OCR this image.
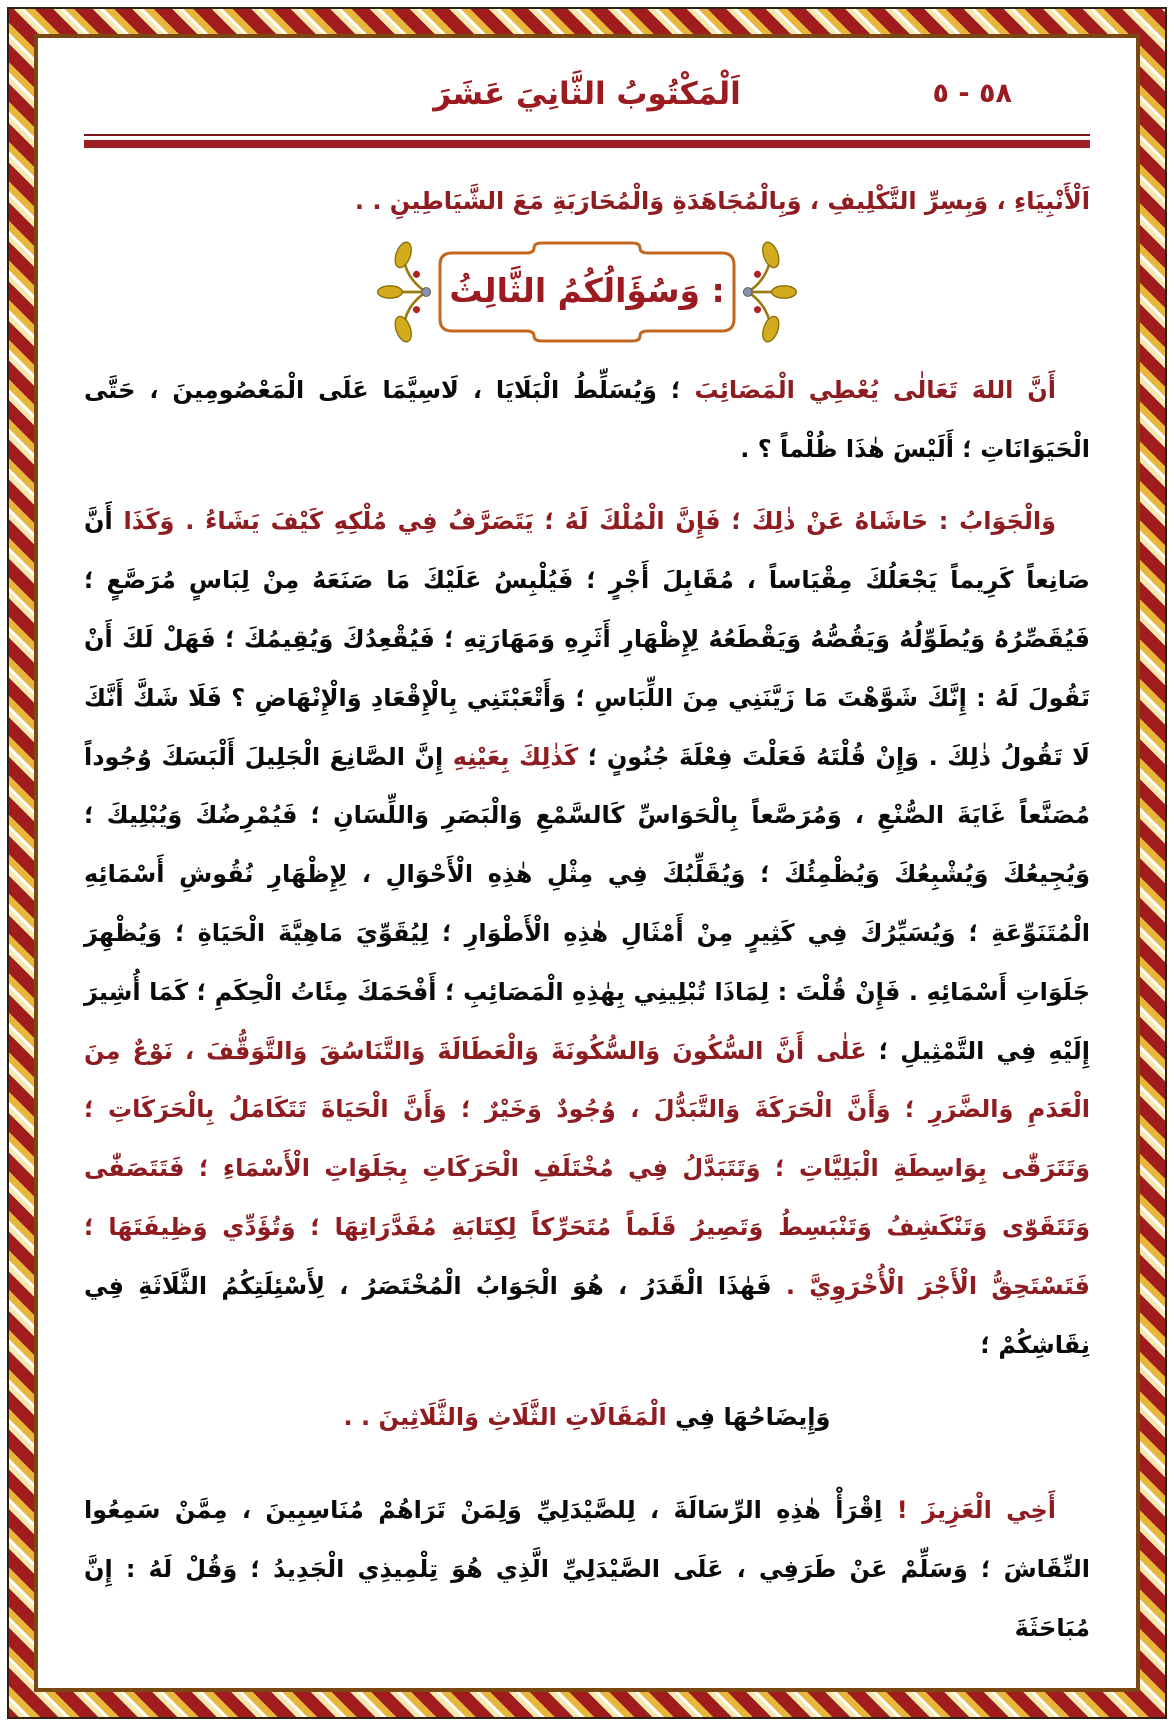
٥٨ - ٥
اَلْمَكْتُوبُ الثَّانِيَ عَشَرَ

اَلْأَنْبِيَاءِ ، وَبِسِرِّ التَّكْلِيفِ ، وَبِالْمُجَاهَدَةِ وَالْمُحَارَبَةِ مَعَ الشَّيَاطِينِ . .

وَسُؤَالُكُمُ الثَّالِثُ :

أَنَّ اللهَ تَعَالٰى يُعْطِي الْمَصَائِبَ ؛ وَيُسَلِّطُ الْبَلَايَا ، لَاسِيَّمَا عَلَى الْمَعْصُومِينَ ، حَتَّى الْحَيَوَانَاتِ ؛ أَلَيْسَ هٰذَا ظُلْماً ؟ .

وَالْجَوَابُ : حَاشَاهُ عَنْ ذٰلِكَ ؛ فَإِنَّ الْمُلْكَ لَهُ ؛ يَتَصَرَّفُ فِي مُلْكِهِ كَيْفَ يَشَاءُ . وَكَذَا أَنَّ صَانِعاً كَرِيماً يَجْعَلُكَ مِقْيَاساً ، مُقَابِلَ أَجْرٍ ؛ فَيُلْبِسُ عَلَيْكَ مَا صَنَعَهُ مِنْ لِبَاسٍ مُرَصَّعٍ ؛ فَيُقَصِّرُهُ وَيُطَوِّلُهُ وَيَقُصُّهُ وَيَقْطَعُهُ لِإِظْهَارِ أَثَرِهِ وَمَهَارَتِهِ ؛ فَيُقْعِدُكَ وَيُقِيمُكَ ؛ فَهَلْ لَكَ أَنْ تَقُولَ لَهُ : إِنَّكَ شَوَّهْتَ مَا زَيَّنَنِي مِنَ اللِّبَاسِ ؛ وَأَتْعَبْتَنِي بِالْإِقْعَادِ وَالْإِنْهَاضِ ؟ فَلَا شَكَّ أَنَّكَ لَا تَقُولُ ذٰلِكَ . وَإِنْ قُلْتَهُ فَعَلْتَ فِعْلَةَ جُنُونٍ ؛ كَذٰلِكَ بِعَيْنِهِ إِنَّ الصَّانِعَ الْجَلِيلَ أَلْبَسَكَ وُجُوداً مُصَنَّعاً غَايَةَ الصُّنْعِ ، وَمُرَصَّعاً بِالْحَوَاسِّ كَالسَّمْعِ وَالْبَصَرِ وَاللِّسَانِ ؛ فَيُمْرِضُكَ وَيُبْلِيكَ ؛ وَيُجِيعُكَ وَيُشْبِعُكَ وَيُظْمِئُكَ ؛ وَيُقَلِّبُكَ فِي مِثْلِ هٰذِهِ الْأَحْوَالِ ، لِإِظْهَارِ نُقُوشِ أَسْمَائِهِ الْمُتَنَوِّعَةِ ؛ وَيُسَيِّرُكَ فِي كَثِيرٍ مِنْ أَمْثَالِ هٰذِهِ الْأَطْوَارِ ؛ لِيُقَوِّيَ مَاهِيَّةَ الْحَيَاةِ ؛ وَيُظْهِرَ جَلَوَاتِ أَسْمَائِهِ . فَإِنْ قُلْتَ : لِمَاذَا تُبْلِينِي بِهٰذِهِ الْمَصَائِبِ ؛ أَفْحَمَكَ مِئَاتُ الْحِكَمِ ؛ كَمَا أُشِيرَ إِلَيْهِ فِي التَّمْثِيلِ ؛ عَلٰى أَنَّ السُّكُونَ وَالسُّكُونَةَ وَالْعَطَالَةَ وَالتَّنَاسُقَ وَالتَّوَقُّفَ ، نَوْعٌ مِنَ الْعَدَمِ وَالضَّرَرِ ؛ وَأَنَّ الْحَرَكَةَ وَالتَّبَدُّلَ ، وُجُودٌ وَخَيْرٌ ؛ وَأَنَّ الْحَيَاةَ تَتَكَامَلُ بِالْحَرَكَاتِ ؛ وَتَتَرَقّٰى بِوَاسِطَةِ الْبَلِيَّاتِ ؛ وَتَتَبَدَّلُ فِي مُخْتَلَفِ الْحَرَكَاتِ بِجَلَوَاتِ الْأَسْمَاءِ ؛ فَتَتَصَفّٰى وَتَتَقَوّٰى وَتَنْكَشِفُ وَتَنْبَسِطُ وَتَصِيرُ قَلَماً مُتَحَرِّكاً لِكِتَابَةِ مُقَدَّرَاتِهَا ؛ وَتُؤَدِّي وَظِيفَتَهَا ؛ فَتَسْتَحِقُّ الْأَجْرَ الْأُخْرَوِيَّ . فَهٰذَا الْقَدَرُ ، هُوَ الْجَوَابُ الْمُخْتَصَرُ ، لِأَسْئِلَتِكُمُ الثَّلَاثَةِ فِي نِقَاشِكُمْ ؛

وَإِيضَاحُهَا فِي الْمَقَالَاتِ الثَّلَاثِ وَالثَّلَاثِينَ . .

أَخِي الْعَزِيزَ ! اِقْرَأْ هٰذِهِ الرِّسَالَةَ ، لِلصَّيْدَلِيِّ وَلِمَنْ تَرَاهُمْ مُنَاسِبِينَ ، مِمَّنْ سَمِعُوا النِّقَاشَ ؛ وَسَلِّمْ عَنْ طَرَفِي ، عَلَى الصَّيْدَلِيِّ الَّذِي هُوَ تِلْمِيذِي الْجَدِيدُ ؛ وَقُلْ لَهُ : إِنَّ مُبَاحَثَةَ
